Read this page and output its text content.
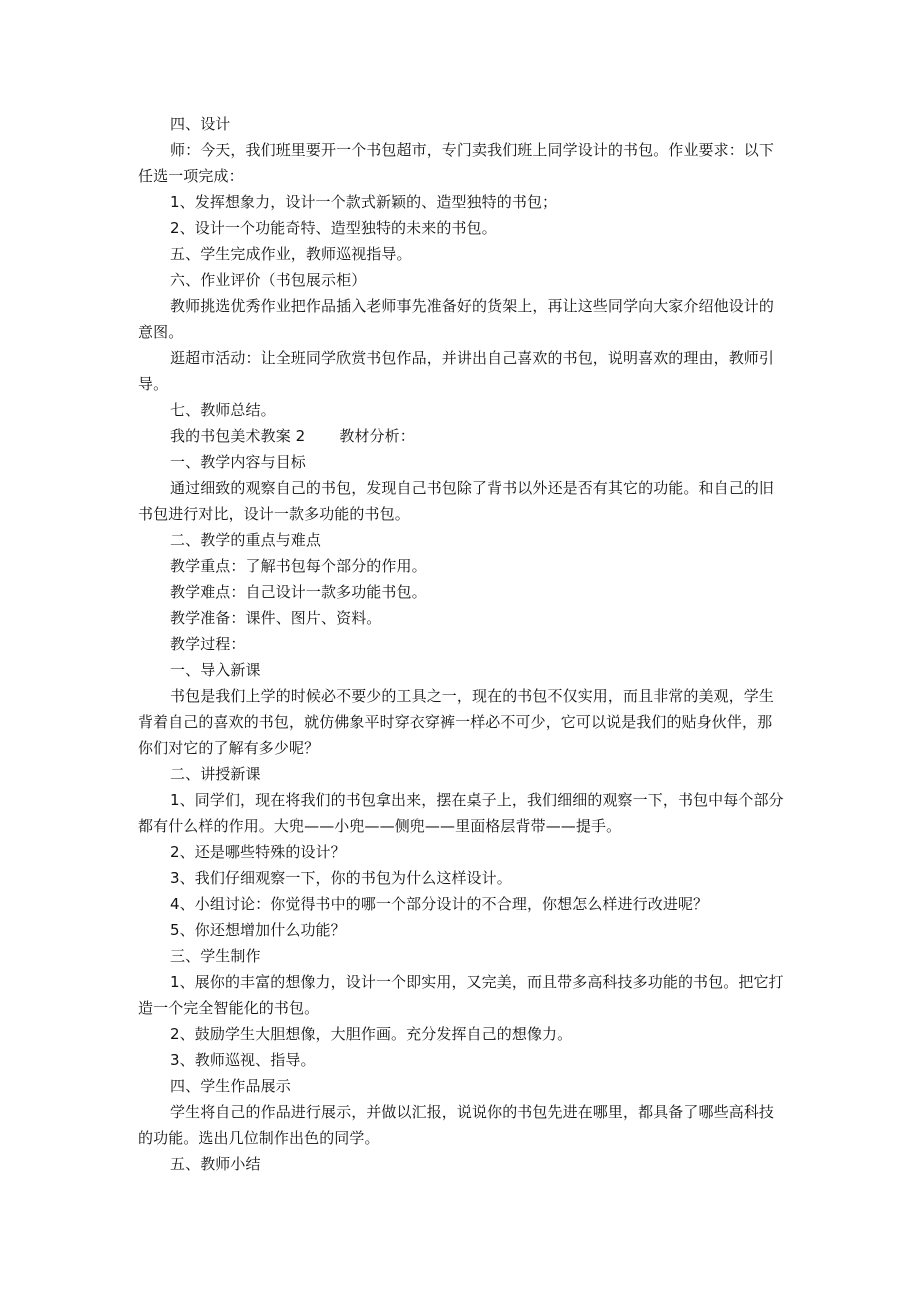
四、设计

师：今天，我们班里要开一个书包超市，专门卖我们班上同学设计的书包。作业要求：以下任选一项完成：

1、发挥想象力，设计一个款式新颖的、造型独特的书包；

2、设计一个功能奇特、造型独特的未来的书包。

五、学生完成作业，教师巡视指导。

六、作业评价（书包展示柜）

教师挑选优秀作业把作品插入老师事先准备好的货架上，再让这些同学向大家介绍他设计的意图。

逛超市活动：让全班同学欣赏书包作品，并讲出自己喜欢的书包，说明喜欢的理由，教师引导。

七、教师总结。

我的书包美术教案 2 教材分析：

一、教学内容与目标

通过细致的观察自己的书包，发现自己书包除了背书以外还是否有其它的功能。和自己的旧书包进行对比，设计一款多功能的书包。

二、教学的重点与难点

教学重点：了解书包每个部分的作用。

教学难点：自己设计一款多功能书包。

教学准备：课件、图片、资料。

教学过程：

一、导入新课

书包是我们上学的时候必不要少的工具之一，现在的书包不仅实用，而且非常的美观，学生背着自己的喜欢的书包，就仿佛象平时穿衣穿裤一样必不可少，它可以说是我们的贴身伙伴，那你们对它的了解有多少呢？

二、讲授新课

1、同学们，现在将我们的书包拿出来，摆在桌子上，我们细细的观察一下，书包中每个部分都有什么样的作用。大兜——小兜——侧兜——里面格层背带——提手。

2、还是哪些特殊的设计？

3、我们仔细观察一下，你的书包为什么这样设计。

4、小组讨论：你觉得书中的哪一个部分设计的不合理，你想怎么样进行改进呢？

5、你还想增加什么功能？

三、学生制作

1、展你的丰富的想像力，设计一个即实用，又完美，而且带多高科技多功能的书包。把它打造一个完全智能化的书包。

2、鼓励学生大胆想像，大胆作画。充分发挥自己的想像力。

3、教师巡视、指导。

四、学生作品展示

学生将自己的作品进行展示，并做以汇报，说说你的书包先进在哪里，都具备了哪些高科技的功能。选出几位制作出色的同学。

五、教师小结
